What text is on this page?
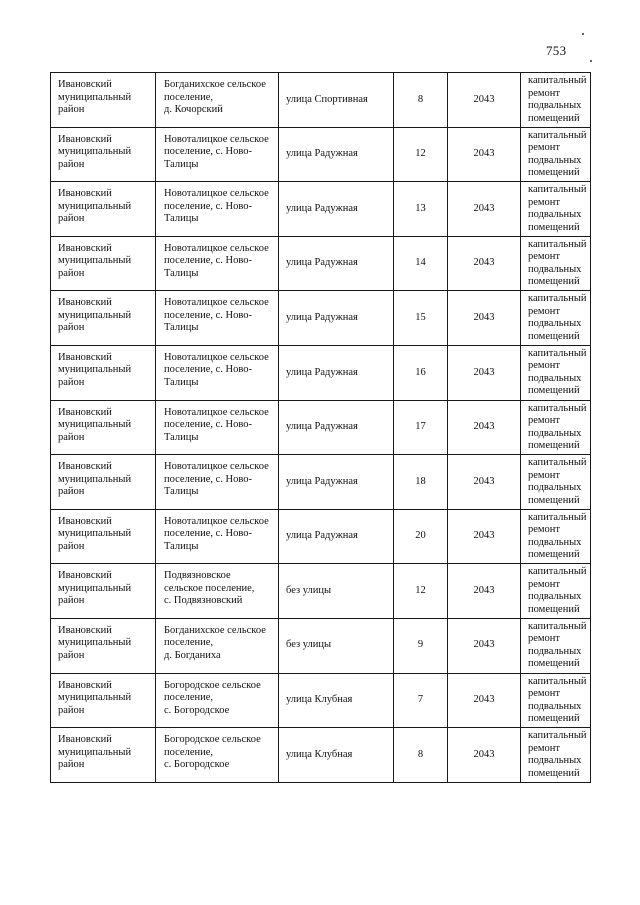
753
Ивановский
муниципальный
район	Богданихское сельское
поселение,
д. Кочорский	улица Спортивная	8	2043	капитальный
ремонт
подвальных
помещений
Ивановский
муниципальный
район	Новоталицкое сельское
поселение, с. Ново-
Талицы	улица Радужная	12	2043	капитальный
ремонт
подвальных
помещений
Ивановский
муниципальный
район	Новоталицкое сельское
поселение, с. Ново-
Талицы	улица Радужная	13	2043	капитальный
ремонт
подвальных
помещений
Ивановский
муниципальный
район	Новоталицкое сельское
поселение, с. Ново-
Талицы	улица Радужная	14	2043	капитальный
ремонт
подвальных
помещений
Ивановский
муниципальный
район	Новоталицкое сельское
поселение, с. Ново-
Талицы	улица Радужная	15	2043	капитальный
ремонт
подвальных
помещений
Ивановский
муниципальный
район	Новоталицкое сельское
поселение, с. Ново-
Талицы	улица Радужная	16	2043	капитальный
ремонт
подвальных
помещений
Ивановский
муниципальный
район	Новоталицкое сельское
поселение, с. Ново-
Талицы	улица Радужная	17	2043	капитальный
ремонт
подвальных
помещений
Ивановский
муниципальный
район	Новоталицкое сельское
поселение, с. Ново-
Талицы	улица Радужная	18	2043	капитальный
ремонт
подвальных
помещений
Ивановский
муниципальный
район	Новоталицкое сельское
поселение, с. Ново-
Талицы	улица Радужная	20	2043	капитальный
ремонт
подвальных
помещений
Ивановский
муниципальный
район	Подвязновское
сельское поселение,
с. Подвязновский	без улицы	12	2043	капитальный
ремонт
подвальных
помещений
Ивановский
муниципальный
район	Богданихское сельское
поселение,
д. Богданиха	без улицы	9	2043	капитальный
ремонт
подвальных
помещений
Ивановский
муниципальный
район	Богородское сельское
поселение,
с. Богородское	улица Клубная	7	2043	капитальный
ремонт
подвальных
помещений
Ивановский
муниципальный
район	Богородское сельское
поселение,
с. Богородское	улица Клубная	8	2043	капитальный
ремонт
подвальных
помещений
